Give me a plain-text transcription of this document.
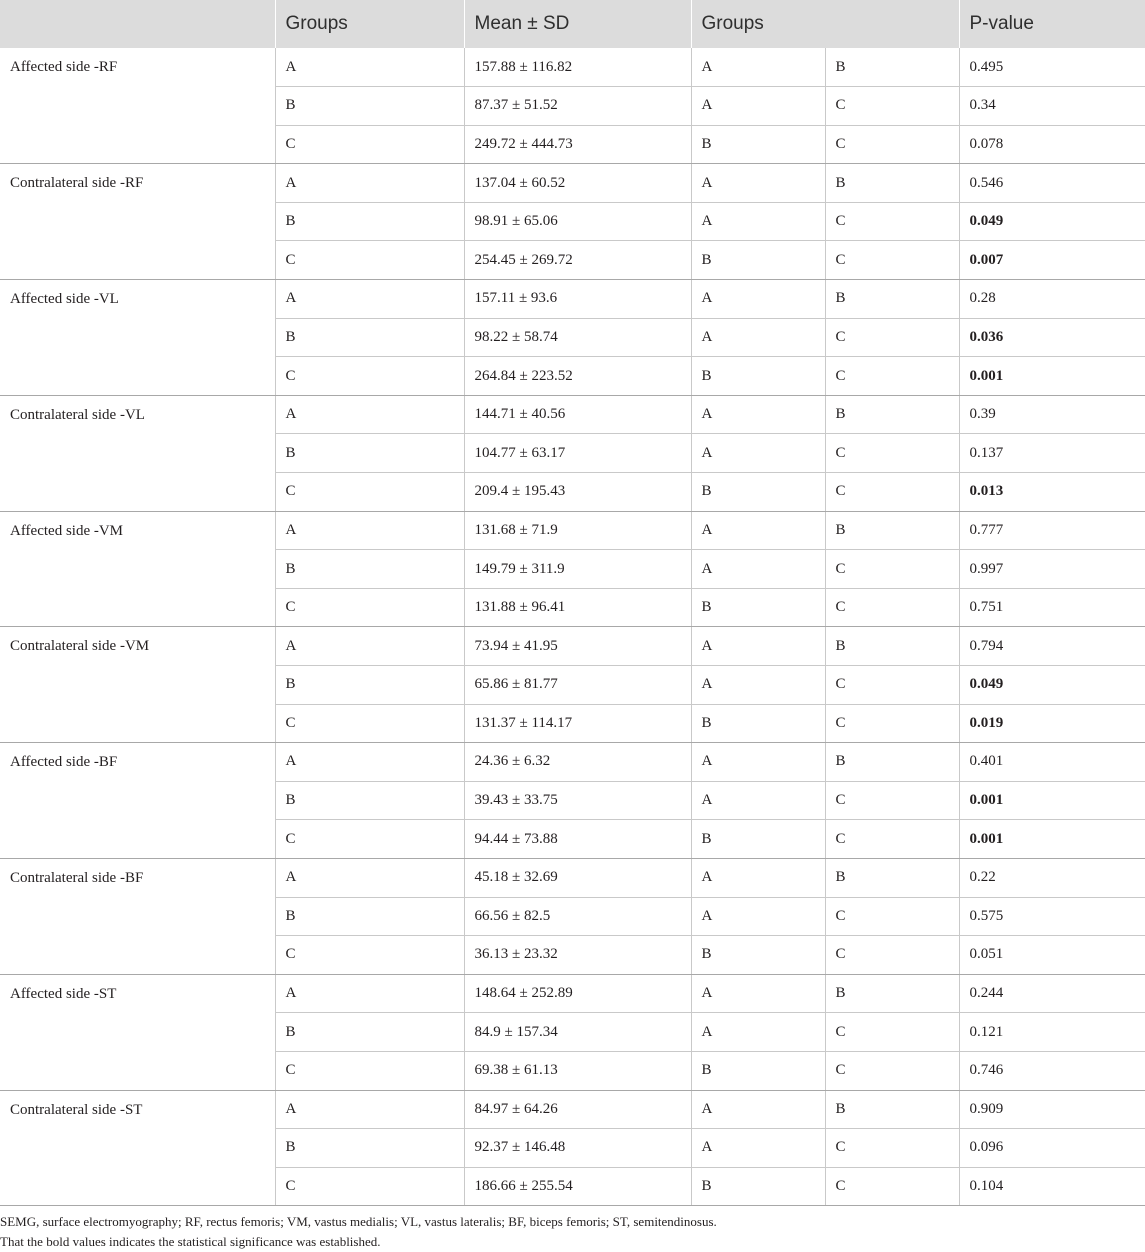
	Groups	Mean ± SD	Groups		P-value
Affected side -RF	A	157.88 ± 116.82	A	B	0.495
	B	87.37 ± 51.52	A	C	0.34
	C	249.72 ± 444.73	B	C	0.078
Contralateral side -RF	A	137.04 ± 60.52	A	B	0.546
	B	98.91 ± 65.06	A	C	0.049
	C	254.45 ± 269.72	B	C	0.007
Affected side -VL	A	157.11 ± 93.6	A	B	0.28
	B	98.22 ± 58.74	A	C	0.036
	C	264.84 ± 223.52	B	C	0.001
Contralateral side -VL	A	144.71 ± 40.56	A	B	0.39
	B	104.77 ± 63.17	A	C	0.137
	C	209.4 ± 195.43	B	C	0.013
Affected side -VM	A	131.68 ± 71.9	A	B	0.777
	B	149.79 ± 311.9	A	C	0.997
	C	131.88 ± 96.41	B	C	0.751
Contralateral side -VM	A	73.94 ± 41.95	A	B	0.794
	B	65.86 ± 81.77	A	C	0.049
	C	131.37 ± 114.17	B	C	0.019
Affected side -BF	A	24.36 ± 6.32	A	B	0.401
	B	39.43 ± 33.75	A	C	0.001
	C	94.44 ± 73.88	B	C	0.001
Contralateral side -BF	A	45.18 ± 32.69	A	B	0.22
	B	66.56 ± 82.5	A	C	0.575
	C	36.13 ± 23.32	B	C	0.051
Affected side -ST	A	148.64 ± 252.89	A	B	0.244
	B	84.9 ± 157.34	A	C	0.121
	C	69.38 ± 61.13	B	C	0.746
Contralateral side -ST	A	84.97 ± 64.26	A	B	0.909
	B	92.37 ± 146.48	A	C	0.096
	C	186.66 ± 255.54	B	C	0.104
SEMG, surface electromyography; RF, rectus femoris; VM, vastus medialis; VL, vastus lateralis; BF, biceps femoris; ST, semitendinosus.
That the bold values indicates the statistical significance was established.
